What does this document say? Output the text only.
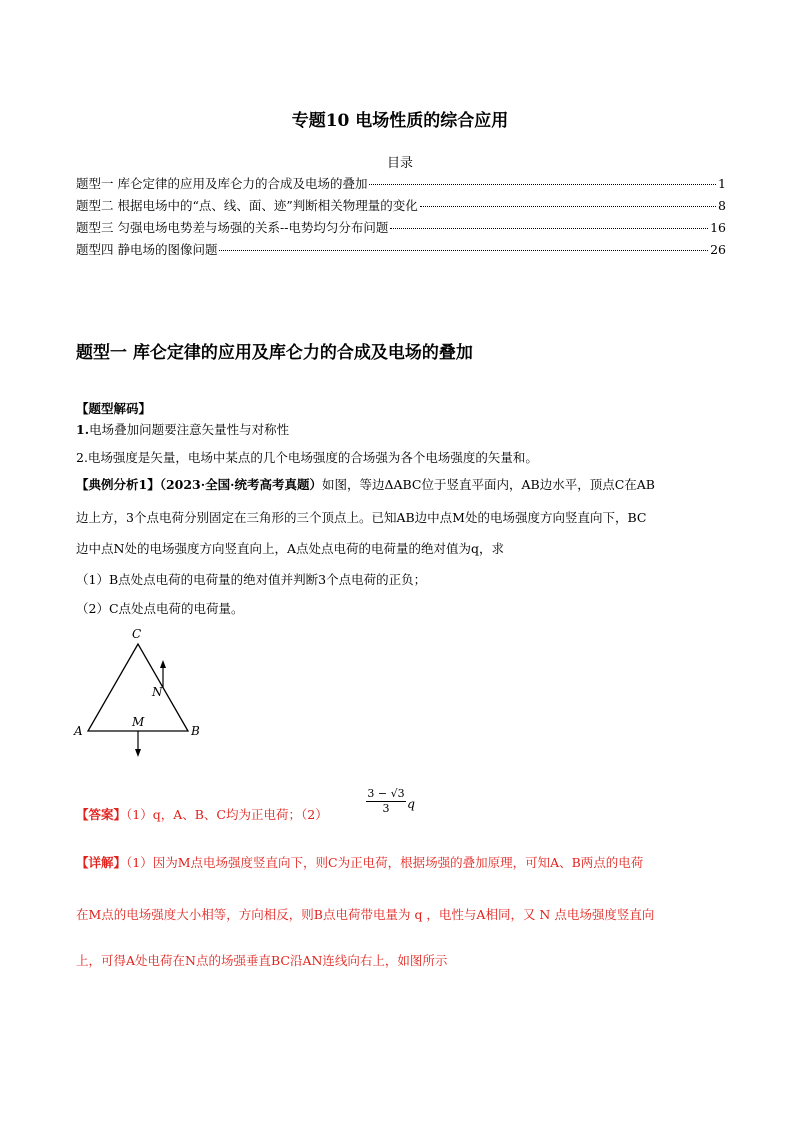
专题10 电场性质的综合应用
目录
题型一 库仑定律的应用及库仑力的合成及电场的叠加	1
题型二 根据电场中的“点、线、面、迹”判断相关物理量的变化	8
题型三 匀强电场电势差与场强的关系--电势均匀分布问题	16
题型四 静电场的图像问题	26
题型一 库仑定律的应用及库仑力的合成及电场的叠加
【题型解码】
1.电场叠加问题要注意矢量性与对称性
2.电场强度是矢量，电场中某点的几个电场强度的合场强为各个电场强度的矢量和。
【典例分析1】（2023·全国·统考高考真题）如图，等边ΔABC位于竖直平面内，AB边水平，顶点C在AB
边上方，3个点电荷分别固定在三角形的三个顶点上。已知AB边中点M处的电场强度方向竖直向下，BC
边中点N处的电场强度方向竖直向上，A点处点电荷的电荷量的绝对值为q，求
（1）B点处点电荷的电荷量的绝对值并判断3个点电荷的正负；
（2）C点处点电荷的电荷量。
C
A	B
M
N
【答案】（1）q，A、B、C均为正电荷；（2）	$\frac{3 - √3}{3}$ q
【详解】（1）因为M点电场强度竖直向下，则C为正电荷，根据场强的叠加原理，可知A、B两点的电荷
在M点的电场强度大小相等，方向相反，则B点电荷带电量为 q ，电性与A相同，又 N 点电场强度竖直向
上，可得A处电荷在N点的场强垂直BC沿AN连线向右上，如图所示
